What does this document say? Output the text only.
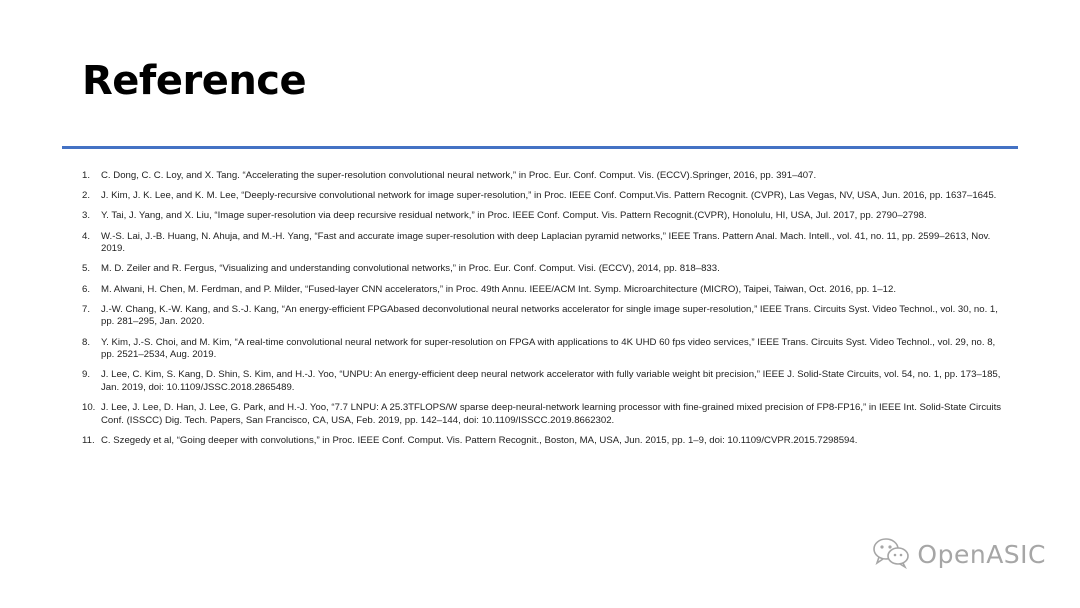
Reference
1.	C. Dong, C. C. Loy, and X. Tang. “Accelerating the super-resolution convolutional neural network,” in Proc. Eur. Conf. Comput. Vis. (ECCV).Springer, 2016, pp. 391–407.
2.	J. Kim, J. K. Lee, and K. M. Lee, “Deeply-recursive convolutional network for image super-resolution,” in Proc. IEEE Conf. Comput.Vis. Pattern Recognit. (CVPR), Las Vegas, NV, USA, Jun. 2016, pp. 1637–1645.
3.	Y. Tai, J. Yang, and X. Liu, “Image super-resolution via deep recursive residual network,” in Proc. IEEE Conf. Comput. Vis. Pattern Recognit.(CVPR), Honolulu, HI, USA, Jul. 2017, pp. 2790–2798.
4.	W.-S. Lai, J.-B. Huang, N. Ahuja, and M.-H. Yang, “Fast and accurate image super-resolution with deep Laplacian pyramid networks,” IEEE Trans. Pattern Anal. Mach. Intell., vol. 41, no. 11, pp. 2599–2613, Nov. 2019.
5.	M. D. Zeiler and R. Fergus, “Visualizing and understanding convolutional networks,” in Proc. Eur. Conf. Comput. Visi. (ECCV), 2014, pp. 818–833.
6.	M. Alwani, H. Chen, M. Ferdman, and P. Milder, “Fused-layer CNN accelerators,” in Proc. 49th Annu. IEEE/ACM Int. Symp. Microarchitecture (MICRO), Taipei, Taiwan, Oct. 2016, pp. 1–12.
7.	J.-W. Chang, K.-W. Kang, and S.-J. Kang, “An energy-efficient FPGAbased deconvolutional neural networks accelerator for single image super-resolution,” IEEE Trans. Circuits Syst. Video Technol., vol. 30, no. 1, pp. 281–295, Jan. 2020.
8.	Y. Kim, J.-S. Choi, and M. Kim, “A real-time convolutional neural network for super-resolution on FPGA with applications to 4K UHD 60 fps video services,” IEEE Trans. Circuits Syst. Video Technol., vol. 29, no. 8, pp. 2521–2534, Aug. 2019.
9.	J. Lee, C. Kim, S. Kang, D. Shin, S. Kim, and H.-J. Yoo, “UNPU: An energy-efficient deep neural network accelerator with fully variable weight bit precision,” IEEE J. Solid-State Circuits, vol. 54, no. 1, pp. 173–185, Jan. 2019, doi: 10.1109/JSSC.2018.2865489.
10. J. Lee, J. Lee, D. Han, J. Lee, G. Park, and H.-J. Yoo, “7.7 LNPU: A 25.3TFLOPS/W sparse deep-neural-network learning processor with fine-grained mixed precision of FP8-FP16,” in IEEE Int. Solid-State Circuits Conf. (ISSCC) Dig. Tech. Papers, San Francisco, CA, USA, Feb. 2019, pp. 142–144, doi: 10.1109/ISSCC.2019.8662302.
11. C. Szegedy et al, “Going deeper with convolutions,” in Proc. IEEE Conf. Comput. Vis. Pattern Recognit., Boston, MA, USA, Jun. 2015, pp. 1–9, doi: 10.1109/CVPR.2015.7298594.
OpenASIC
